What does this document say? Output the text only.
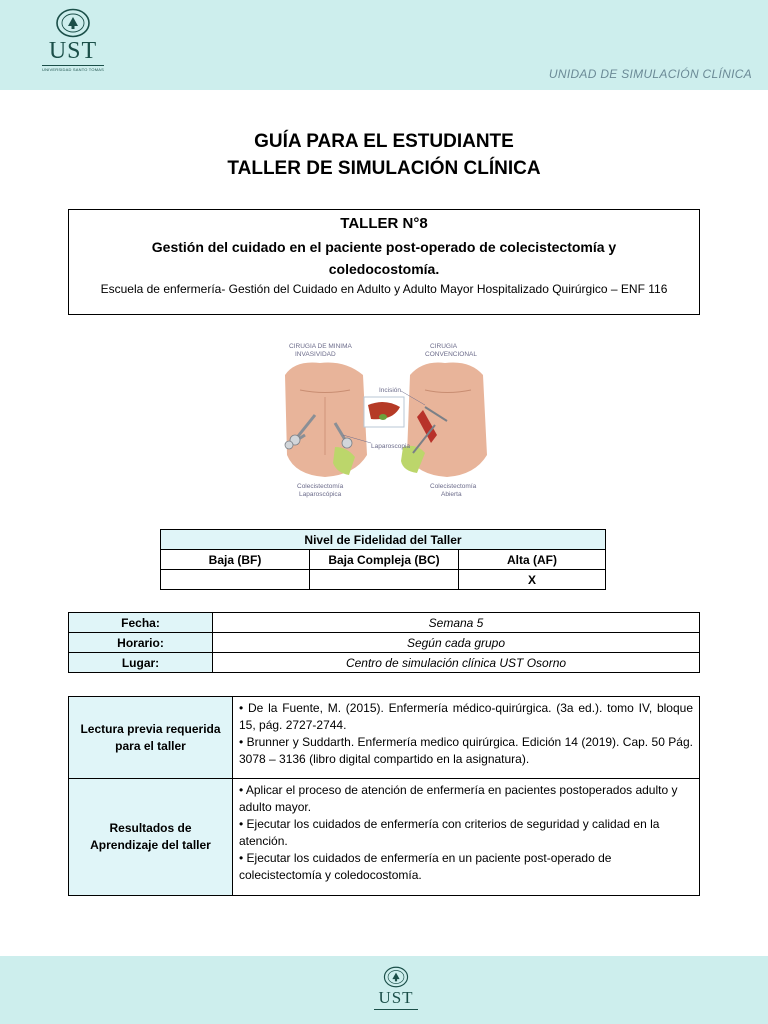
UST
UNIVERSIDAD SANTO TOMAS	UNIDAD DE SIMULACIÓN CLÍNICA
GUÍA PARA EL ESTUDIANTE
TALLER DE SIMULACIÓN CLÍNICA
TALLER N°8
Gestión del cuidado en el paciente post-operado de colecistectomía y coledocostomía.
Escuela de enfermería- Gestión del Cuidado en Adulto y Adulto Mayor Hospitalizado Quirúrgico – ENF 116
CIRUGIA DE MINIMA
INVASIVIDAD
CIRUGIA
CONVENCIONAL
Incisión
Laparoscopia
Colecistectomía
Laparoscópica
Colecistectomía
Abierta
Nivel de Fidelidad del Taller		
Baja (BF)	Baja Compleja (BC)	Alta (AF)
		X
Fecha:	Semana 5
Horario:	Según cada grupo
Lugar:	Centro de simulación clínica UST Osorno
Lectura previa requerida para el taller	• De la Fuente, M. (2015). Enfermería médico-quirúrgica. (3a ed.). tomo IV, bloque 15, pág. 2727-2744.
• Brunner y Suddarth. Enfermería medico quirúrgica. Edición 14 (2019). Cap. 50 Pág. 3078 – 3136 (libro digital compartido en la asignatura).

Resultados de Aprendizaje del taller	• Aplicar el proceso de atención de enfermería en pacientes postoperados adulto y adulto mayor.
• Ejecutar los cuidados de enfermería con criterios de seguridad y calidad en la atención.
• Ejecutar los cuidados de enfermería en un paciente post-operado de colecistectomía y coledocostomía.
UST
